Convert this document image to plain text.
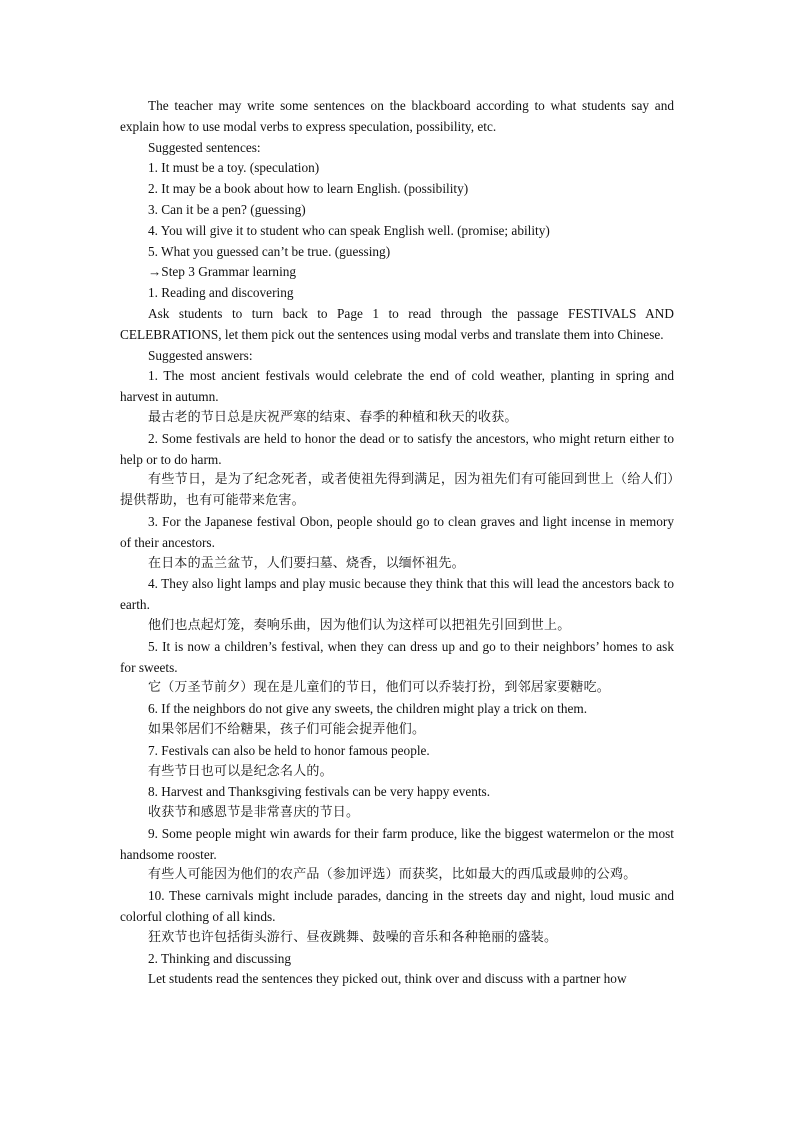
The teacher may write some sentences on the blackboard according to what students say and explain how to use modal verbs to express speculation, possibility, etc.

Suggested sentences:

1. It must be a toy. (speculation)

2. It may be a book about how to learn English. (possibility)

3. Can it be a pen? (guessing)

4. You will give it to student who can speak English well. (promise; ability)

5. What you guessed can’t be true. (guessing)

→Step 3 Grammar learning

1. Reading and discovering

Ask students to turn back to Page 1 to read through the passage FESTIVALS AND CELEBRATIONS, let them pick out the sentences using modal verbs and translate them into Chinese.

Suggested answers:

1. The most ancient festivals would celebrate the end of cold weather, planting in spring and harvest in autumn.

最古老的节日总是庆祝严寒的结束、春季的种植和秋天的收获。

2. Some festivals are held to honor the dead or to satisfy the ancestors, who might return either to help or to do harm.

有些节日，是为了纪念死者，或者使祖先得到满足，因为祖先们有可能回到世上（给人们）提供帮助，也有可能带来危害。

3. For the Japanese festival Obon, people should go to clean graves and light incense in memory of their ancestors.

在日本的盂兰盆节，人们要扫墓、烧香，以缅怀祖先。

4. They also light lamps and play music because they think that this will lead the ancestors back to earth.

他们也点起灯笼，奏响乐曲，因为他们认为这样可以把祖先引回到世上。

5. It is now a children’s festival, when they can dress up and go to their neighbors’ homes to ask for sweets.

它（万圣节前夕）现在是儿童们的节日，他们可以乔装打扮，到邻居家要糖吃。

6. If the neighbors do not give any sweets, the children might play a trick on them.

如果邻居们不给糖果，孩子们可能会捉弄他们。

7. Festivals can also be held to honor famous people.

有些节日也可以是纪念名人的。

8. Harvest and Thanksgiving festivals can be very happy events.

收获节和感恩节是非常喜庆的节日。

9. Some people might win awards for their farm produce, like the biggest watermelon or the most handsome rooster.

有些人可能因为他们的农产品（参加评选）而获奖，比如最大的西瓜或最帅的公鸡。

10. These carnivals might include parades, dancing in the streets day and night, loud music and colorful clothing of all kinds.

狂欢节也许包括街头游行、昼夜跳舞、鼓噪的音乐和各种艳丽的盛装。

2. Thinking and discussing

Let students read the sentences they picked out, think over and discuss with a partner how
